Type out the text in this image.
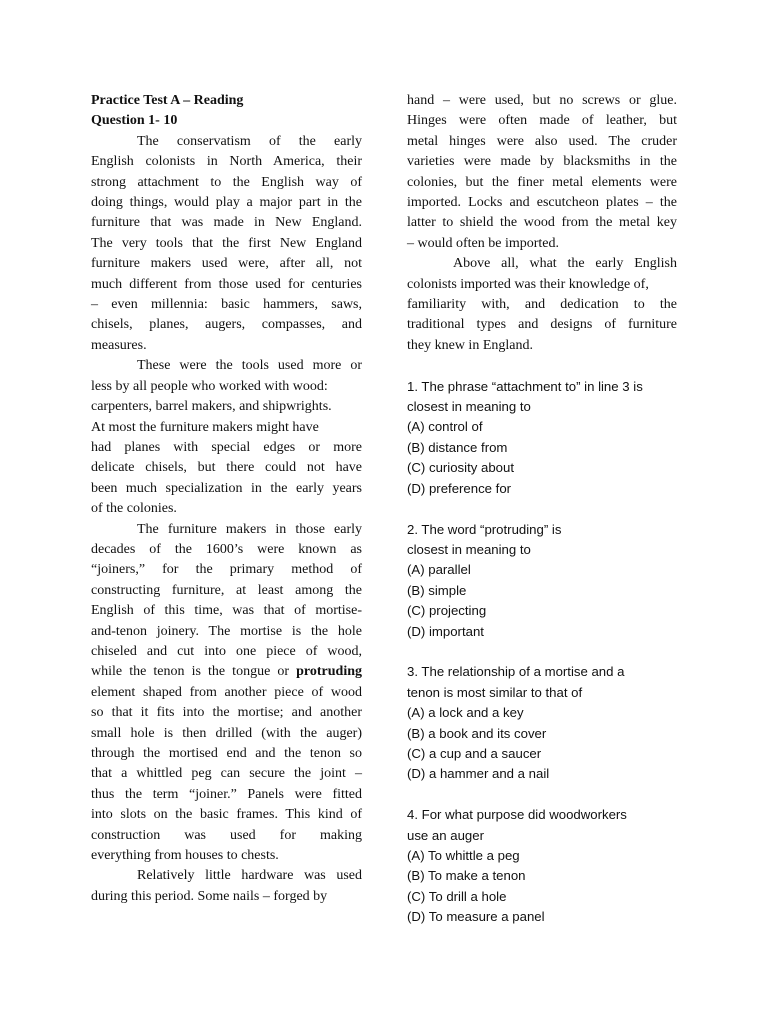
Practice Test A – Reading
Question 1- 10
The conservatism of the early
English colonists in North America, their
strong attachment to the English way of
doing things, would play a major part in the
furniture that was made in New England.
The very tools that the first New England
furniture makers used were, after all, not
much different from those used for centuries
– even millennia: basic hammers, saws,
chisels, planes, augers, compasses, and
measures.
These were the tools used more or
less by all people who worked with wood:
carpenters, barrel makers, and shipwrights.
At most the furniture makers might have
had planes with special edges or more
delicate chisels, but there could not have
been much specialization in the early years
of the colonies.
The furniture makers in those early
decades of the 1600’s were known as
“joiners,” for the primary method of
constructing furniture, at least among the
English of this time, was that of mortise-
and-tenon joinery. The mortise is the hole
chiseled and cut into one piece of wood,
while the tenon is the tongue or protruding
element shaped from another piece of wood
so that it fits into the mortise; and another
small hole is then drilled (with the auger)
through the mortised end and the tenon so
that a whittled peg can secure the joint –
thus the term “joiner.” Panels were fitted
into slots on the basic frames. This kind of
construction was used for making
everything from houses to chests.
Relatively little hardware was used
during this period. Some nails – forged by
hand – were used, but no screws or glue.
Hinges were often made of leather, but
metal hinges were also used. The cruder
varieties were made by blacksmiths in the
colonies, but the finer metal elements were
imported. Locks and escutcheon plates – the
latter to shield the wood from the metal key
– would often be imported.
Above all, what the early English
colonists imported was their knowledge of,
familiarity with, and dedication to the
traditional types and designs of furniture
they knew in England.
1. The phrase “attachment to” in line 3 is
closest in meaning to
(A) control of
(B) distance from
(C) curiosity about
(D) preference for
2. The word “protruding” is
closest in meaning to
(A) parallel
(B) simple
(C) projecting
(D) important
3. The relationship of a mortise and a
tenon is most similar to that of
(A) a lock and a key
(B) a book and its cover
(C) a cup and a saucer
(D) a hammer and a nail
4. For what purpose did woodworkers
use an auger
(A) To whittle a peg
(B) To make a tenon
(C) To drill a hole
(D) To measure a panel
